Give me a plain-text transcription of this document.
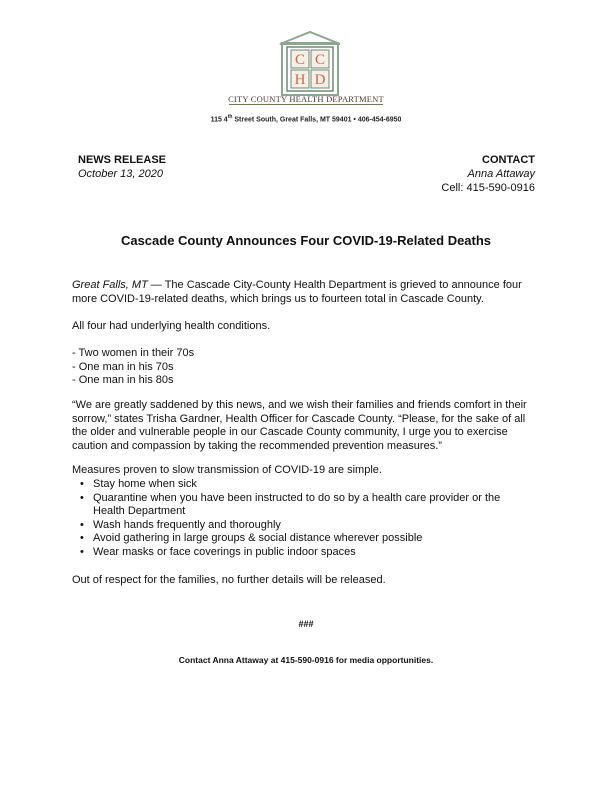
C C
H D
CITY COUNTY HEALTH DEPARTMENT
115 4th Street South, Great Falls, MT 59401 • 406-454-6950
NEWS RELEASE
October 13, 2020
CONTACT
Anna Attaway
Cell: 415-590-0916
Cascade County Announces Four COVID-19-Related Deaths

Great Falls, MT — The Cascade City-County Health Department is grieved to announce four more COVID-19-related deaths, which brings us to fourteen total in Cascade County.

All four had underlying health conditions.

- Two women in their 70s
- One man in his 70s
- One man in his 80s

“We are greatly saddened by this news, and we wish their families and friends comfort in their sorrow,” states Trisha Gardner, Health Officer for Cascade County. “Please, for the sake of all the older and vulnerable people in our Cascade County community, I urge you to exercise caution and compassion by taking the recommended prevention measures.”

Measures proven to slow transmission of COVID-19 are simple.

• Stay home when sick
• Quarantine when you have been instructed to do so by a health care provider or the Health Department
• Wash hands frequently and thoroughly
• Avoid gathering in large groups & social distance wherever possible
• Wear masks or face coverings in public indoor spaces

Out of respect for the families, no further details will be released.

###
Contact Anna Attaway at 415-590-0916 for media opportunities.
